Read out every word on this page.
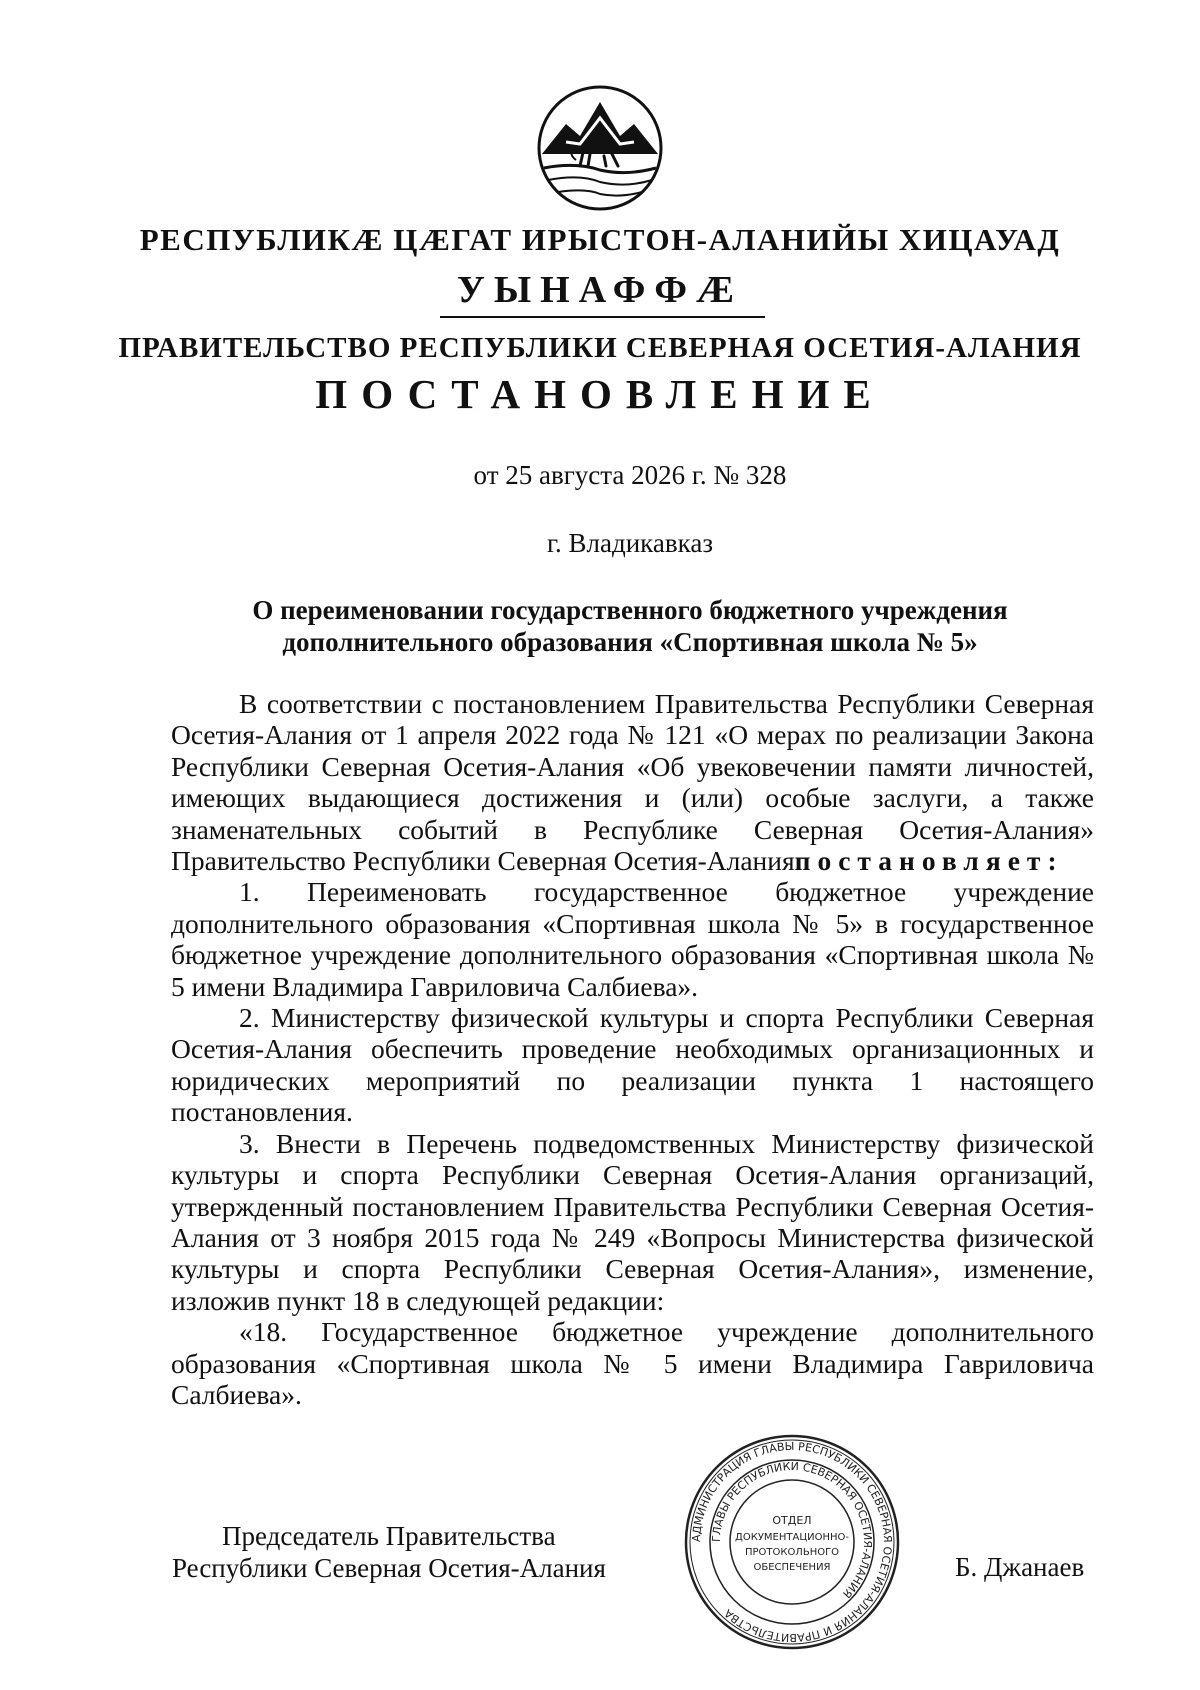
РЕСПУБЛИКӔ ЦӔГАТ ИРЫСТОН-АЛАНИЙЫ ХИЦАУАД
УЫНАФФӔ
ПРАВИТЕЛЬСТВО РЕСПУБЛИКИ СЕВЕРНАЯ ОСЕТИЯ-АЛАНИЯ
ПОСТАНОВЛЕНИЕ
от 25 августа 2026 г. № 328
г. Владикавказ
О переименовании государственного бюджетного учреждения дополнительного образования «Спортивная школа № 5»

В соответствии с постановлением Правительства Республики Северная Осетия-Алания от 1 апреля 2022 года № 121 «О мерах по реализации Закона Республики Северная Осетия-Алания «Об увековечении памяти личностей, имеющих выдающиеся достижения и (или) особые заслуги, а также знаменательных событий в Республике Северная Осетия-Алания» Правительство Республики Северная Осетия-Аланияпостановляет:

1. Переименовать государственное бюджетное учреждение дополнительного образования «Спортивная школа № 5» в государственное бюджетное учреждение дополнительного образования «Спортивная школа № 5 имени Владимира Гавриловича Салбиева».

2. Министерству физической культуры и спорта Республики Северная Осетия-Алания обеспечить проведение необходимых организационных и юридических мероприятий по реализации пункта 1 настоящего постановления.

3. Внести в Перечень подведомственных Министерству физической культуры и спорта Республики Северная Осетия-Алания организаций, утвержденный постановлением Правительства Республики Северная Осетия-Алания от 3 ноября 2015 года № 249 «Вопросы Министерства физической культуры и спорта Республики Северная Осетия-Алания», изменение, изложив пункт 18 в следующей редакции:

«18. Государственное бюджетное учреждение дополнительного образования «Спортивная школа № 5 имени Владимира Гавриловича Салбиева».

Председатель Правительства
Республики Северная Осетия-Алания
АДМИНИСТРАЦИЯ ГЛАВЫ РЕСПУБЛИКИ СЕВЕРНАЯ ОСЕТИЯ-АЛАНИЯ И ПРАВИТЕЛЬСТВА
ГЛАВЫ РЕСПУБЛИКИ СЕВЕРНАЯ ОСЕТИЯ-АЛАНИЯ
ОТДЕЛ
ДОКУМЕНТАЦИОННО-
ПРОТОКОЛЬНОГО
ОБЕСПЕЧЕНИЯ	Б. Джанаев
